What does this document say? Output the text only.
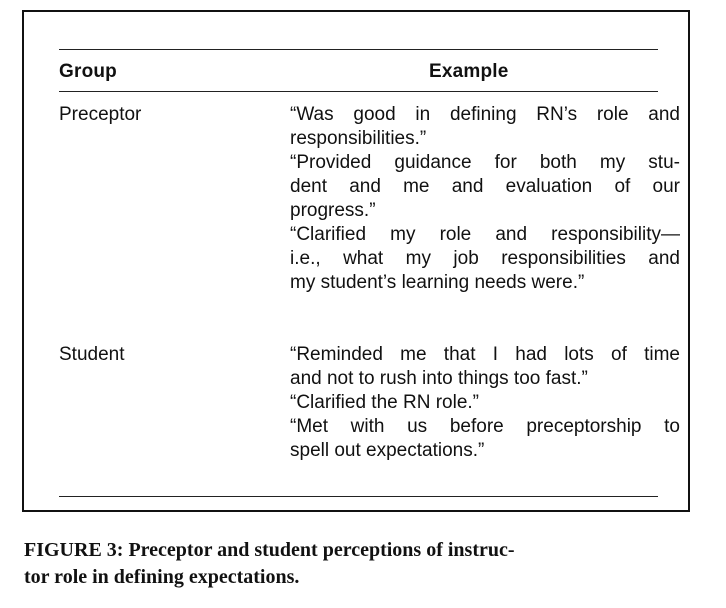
Group	Example
Preceptor	“Was good in defining RN’s role and
responsibilities.”
“Provided guidance for both my stu-
dent and me and evaluation of our
progress.”
“Clarified my role and responsibility—
i.e., what my job responsibilities and
my student’s learning needs were.”
Student	“Reminded me that I had lots of time
and not to rush into things too fast.”
“Clarified the RN role.”
“Met with us before preceptorship to
spell out expectations.”
FIGURE 3: Preceptor and student perceptions of instruc-
tor role in defining expectations.
